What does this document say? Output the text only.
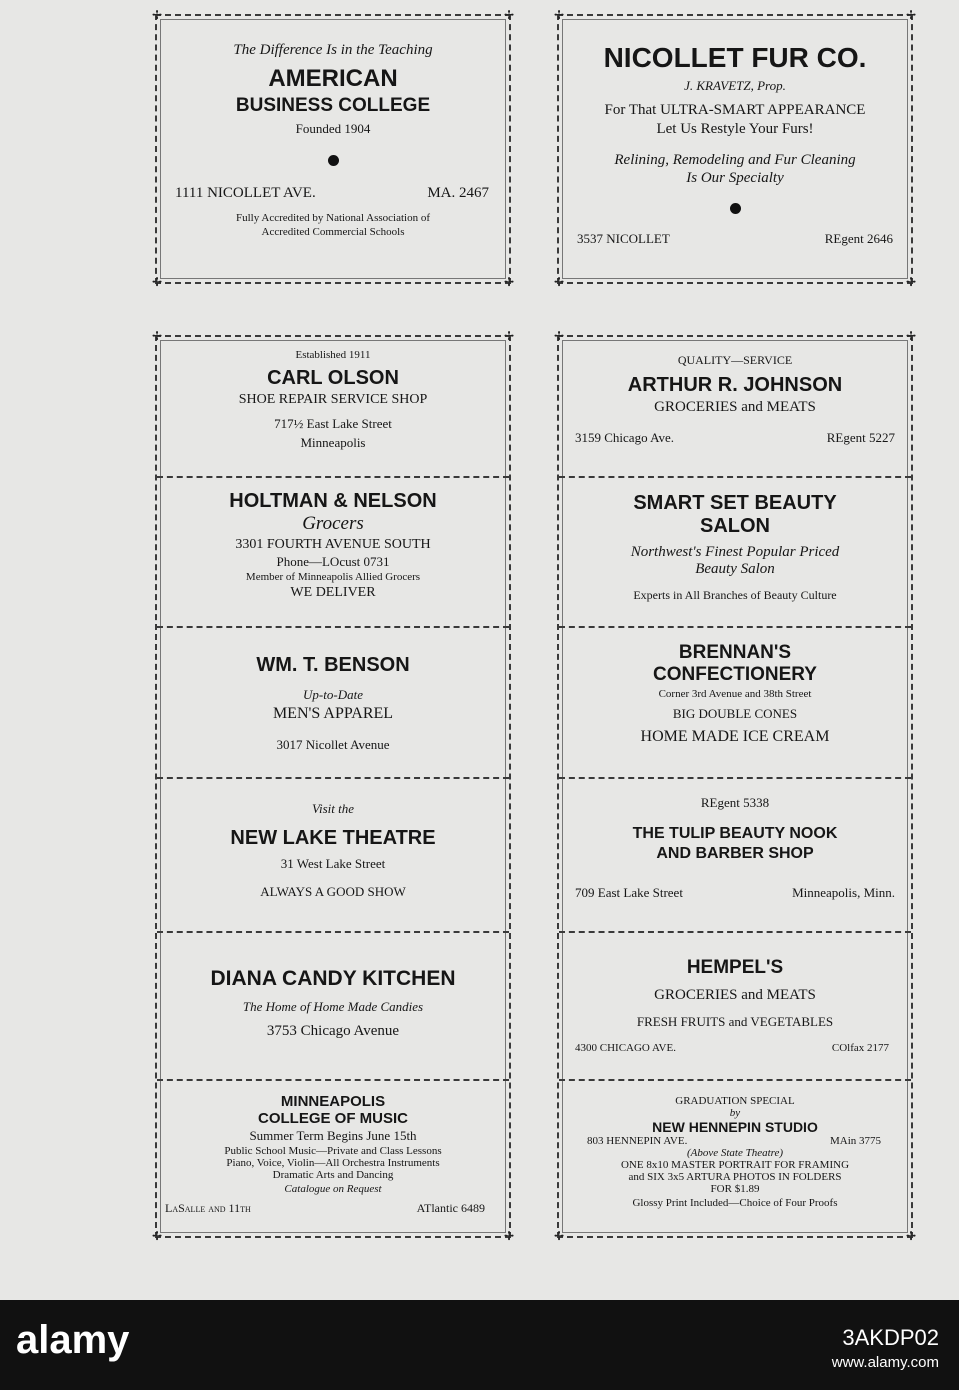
✢	✢
✢	✢

The Difference Is in the Teaching

AMERICAN

BUSINESS COLLEGE

Founded 1904

1111 NICOLLET AVE.	MA. 2467

Fully Accredited by National Association of

Accredited Commercial Schools

✢	✢
✢	✢

NICOLLET FUR CO.

J. KRAVETZ, Prop.

For That ULTRA-SMART APPEARANCE

Let Us Restyle Your Furs!

Relining, Remodeling and Fur Cleaning

Is Our Specialty

3537 NICOLLET	REgent 2646
✢	✢
✢	✢

Established 1911

CARL OLSON

SHOE REPAIR SERVICE SHOP

717½ East Lake Street

Minneapolis

HOLTMAN & NELSON

Grocers

3301 FOURTH AVENUE SOUTH

Phone—LOcust 0731

Member of Minneapolis Allied Grocers

WE DELIVER

WM. T. BENSON

Up-to-Date

MEN'S APPAREL

3017 Nicollet Avenue

Visit the

NEW LAKE THEATRE

31 West Lake Street

ALWAYS A GOOD SHOW

DIANA CANDY KITCHEN

The Home of Home Made Candies

3753 Chicago Avenue

MINNEAPOLIS

COLLEGE OF MUSIC

Summer Term Begins June 15th

Public School Music—Private and Class Lessons

Piano, Voice, Violin—All Orchestra Instruments

Dramatic Arts and Dancing

Catalogue on Request

LaSalle and 11th	ATlantic 6489
✢	✢
✢	✢

QUALITY—SERVICE

ARTHUR R. JOHNSON

GROCERIES and MEATS

3159 Chicago Ave.	REgent 5227

SMART SET BEAUTY

SALON

Northwest's Finest Popular Priced

Beauty Salon

Experts in All Branches of Beauty Culture

BRENNAN'S

CONFECTIONERY

Corner 3rd Avenue and 38th Street

BIG DOUBLE CONES

HOME MADE ICE CREAM

REgent 5338

THE TULIP BEAUTY NOOK

AND BARBER SHOP

709 East Lake Street	Minneapolis, Minn.

HEMPEL'S

GROCERIES and MEATS

FRESH FRUITS and VEGETABLES

4300 CHICAGO AVE.	COlfax 2177

GRADUATION SPECIAL

by

NEW HENNEPIN STUDIO

803 HENNEPIN AVE.	MAin 3775

(Above State Theatre)

ONE 8x10 MASTER PORTRAIT FOR FRAMING

and SIX 3x5 ARTURA PHOTOS IN FOLDERS

FOR $1.89

Glossy Print Included—Choice of Four Proofs

alamy	3AKDP02
www.alamy.com
